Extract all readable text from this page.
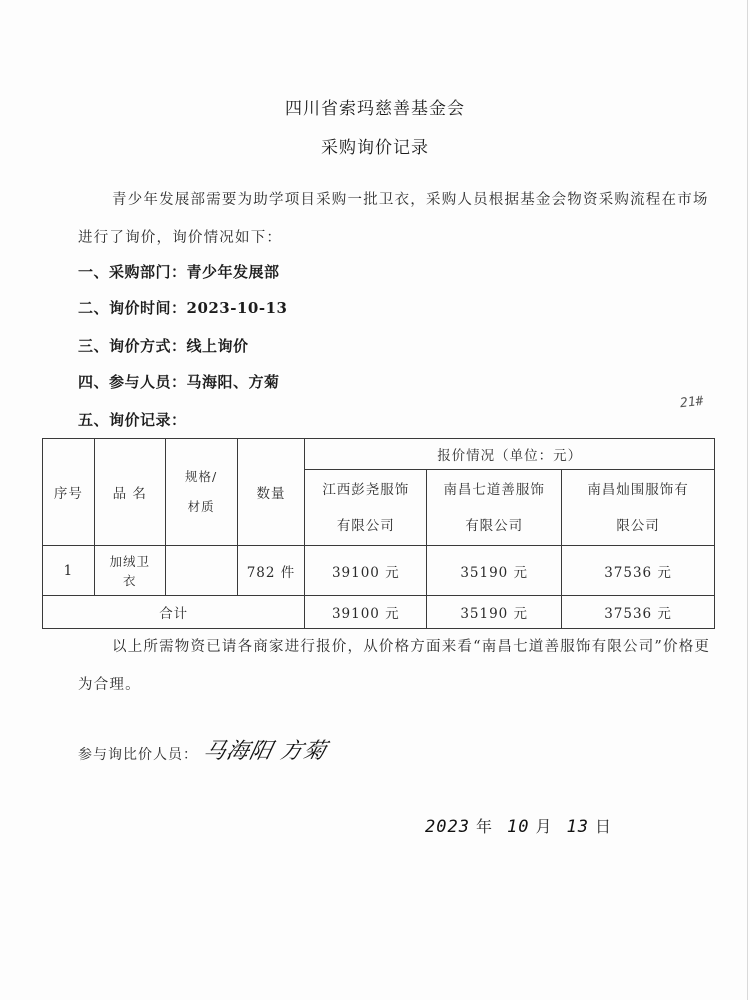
四川省索玛慈善基金会
采购询价记录
青少年发展部需要为助学项目采购一批卫衣，采购人员根据基金会物资采购流程在市场进行了询价，询价情况如下：
一、采购部门：青少年发展部
二、询价时间：2023-10-13
三、询价方式：线上询价
四、参与人员：马海阳、方菊
五、询价记录：
21#
序号	品 名	规格/材质	数量	报价情况（单位：元）		

				江西彭尧服饰有限公司	南昌七道善服饰有限公司	南昌灿围服饰有限公司

1	加绒卫衣		782 件	39100 元	35190 元	37536 元
合计				39100 元	35190 元	37536 元
以上所需物资已请各商家进行报价，从价格方面来看“南昌七道善服饰有限公司”价格更为合理。
参与询比价人员： 马海阳 方菊
2023 年 10 月 13 日
